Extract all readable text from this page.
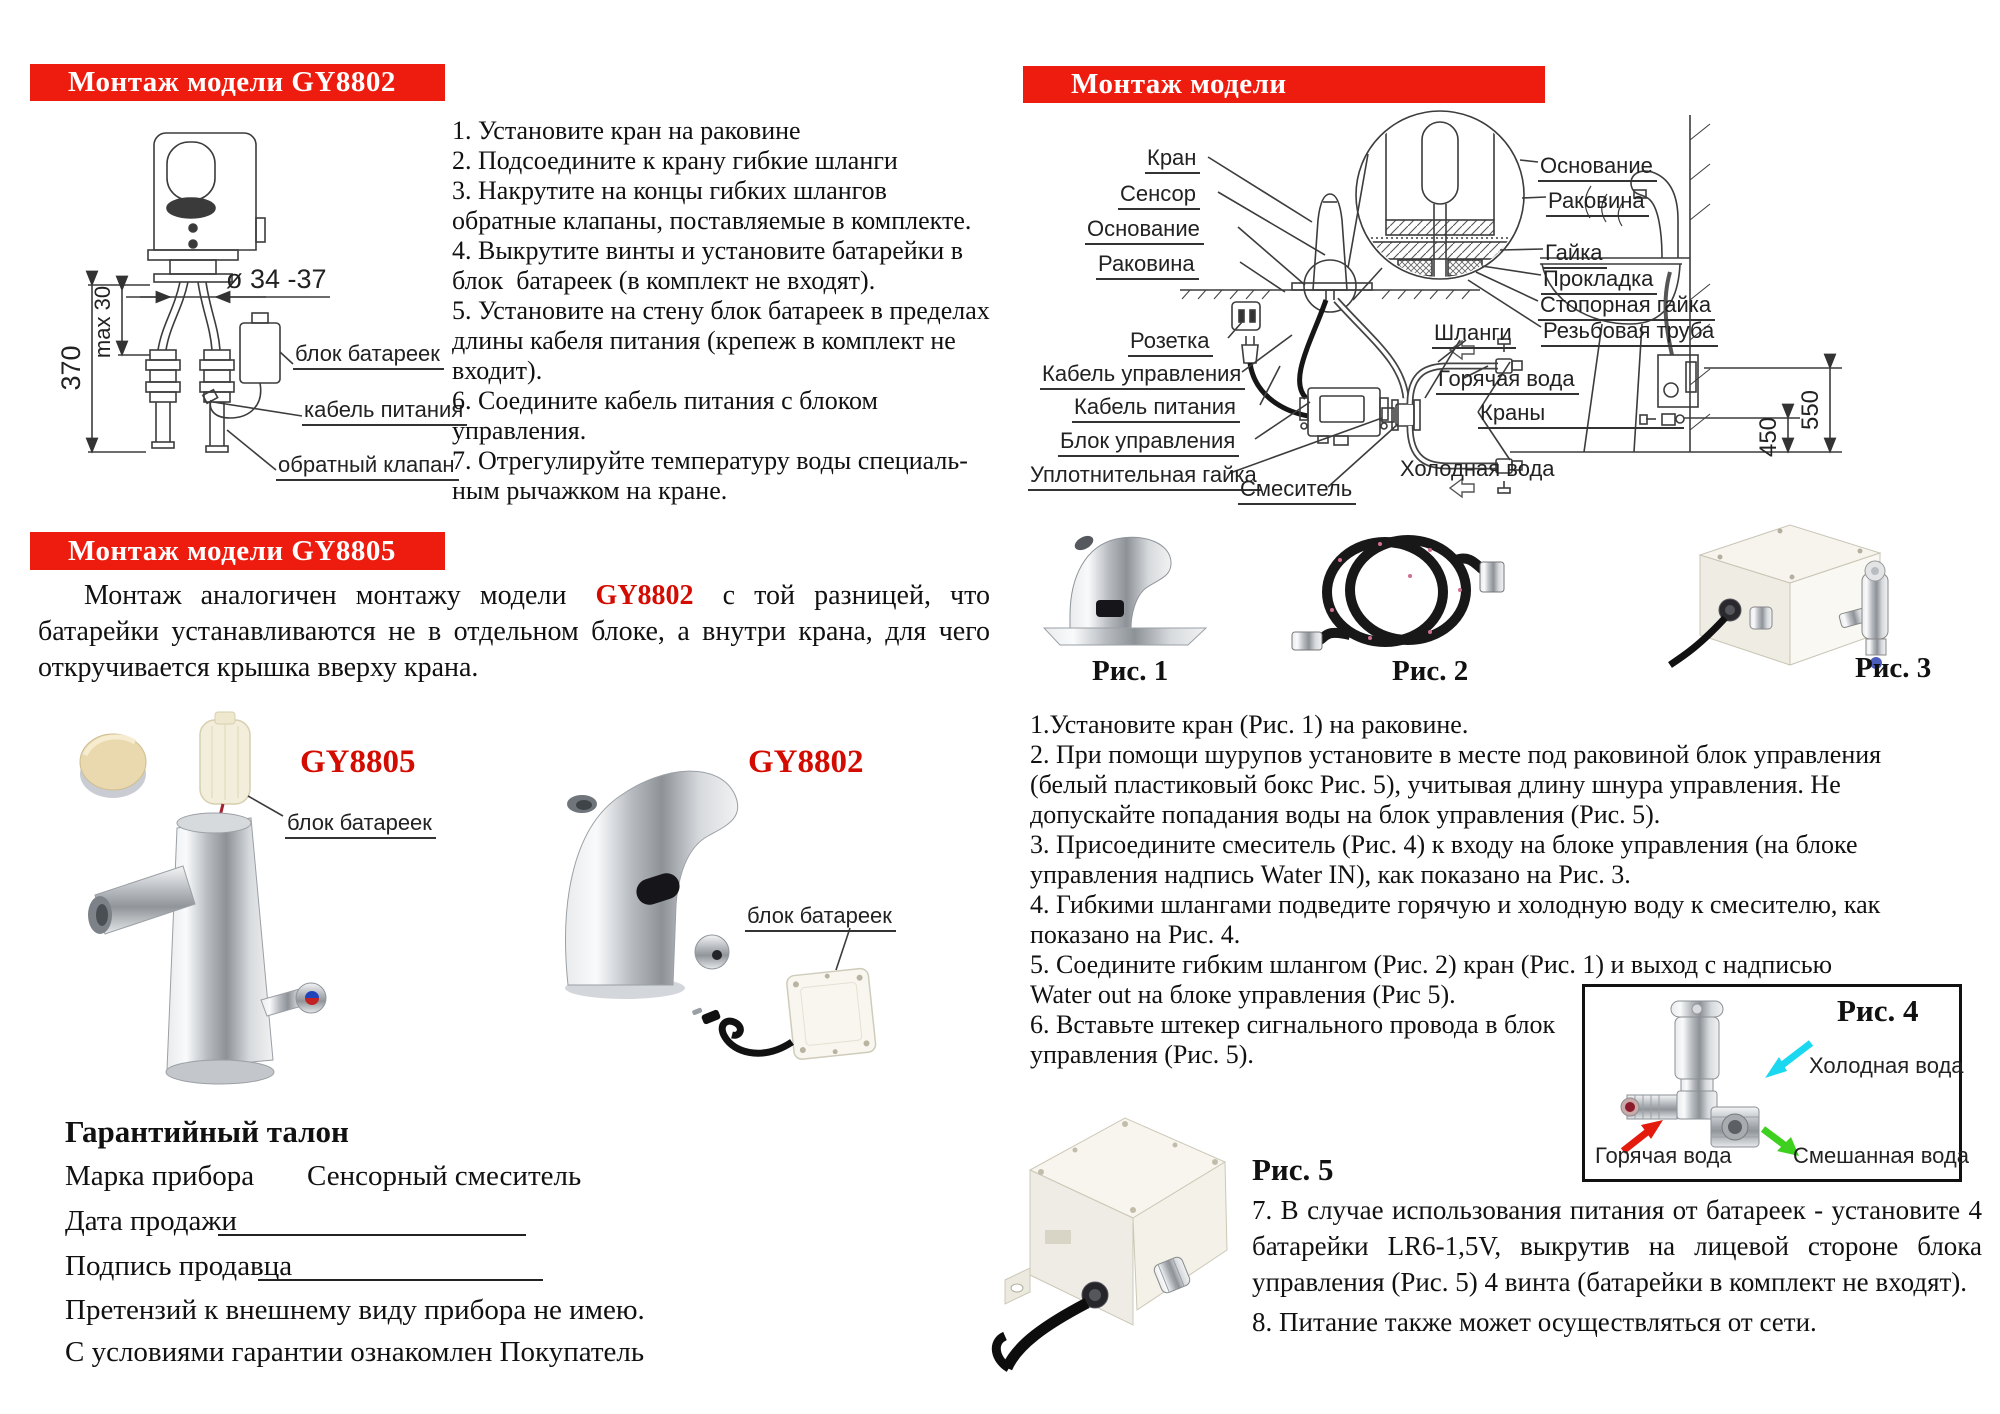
Монтаж модели GY8802
ø 34 -37
370
max 30	блок батареек
кабель питания
обратный клапан

1. Установите кран на раковине

2. Подсоедините к крану гибкие шланги

3. Накрутите на концы гибких шлангов
обратные клапаны, поставляемые в комплекте.

4. Выкрутите винты и установите батарейки в
блок  батареек (в комплект не входят).

5. Установите на стену блок батареек в пределах
длины кабеля питания (крепеж в комплект не
входит).

6. Соедините кабель питания с блоком
управления.

7. Отрегулируйте температуру воды специаль-
ным рычажком на кране.

Монтаж модели GY8805
Монтаж аналогичен монтажу модели GY8802 с той разницей, что батарейки устанавливаются не в отдельном блоке, а внутри крана, для чего откручивается крышка вверху крана.
GY8805
блок батареек
GY8802
блок батареек
Гарантийный талон
Марка прибора Сенсорный смеситель
Дата продажи
Подпись продавца
Претензий к внешнему виду прибора не имею.
С условиями гарантии ознакомлен Покупатель
Монтаж модели
550
450
Кран
Сенсор
Основание
Раковина
Розетка
Кабель управления
Кабель питания
Блок управления
Уплотнительная гайка
Смеситель
Основание
Раковина
Гайка
Прокладка
Стопорная гайка
Резьбовая труба
Шланги
Горячая вода
Краны
Холодная вода
Рис. 1	Рис. 2	Рис. 3

1.Установите кран (Рис. 1) на раковине.

2. При помощи шурупов установите в месте под раковиной блок управления
(белый пластиковый бокс Рис. 5), учитывая длину шнура управления. Не
допускайте попадания воды на блок управления (Рис. 5).

3. Присоедините смеситель (Рис. 4) к входу на блоке управления (на блоке
управления надпись Water IN), как показано на Рис. 3.

4. Гибкими шлангами подведите горячую и холодную воду к смесителю, как
показано на Рис. 4.

5. Соедините гибким шлангом (Рис. 2) кран (Рис. 1) и выход с надписью
Water out на блоке управления (Рис 5).

6. Вставьте штекер сигнального провода в блок
управления (Рис. 5).

Рис. 4
Холодная вода
Горячая вода	Смешанная вода
Рис. 5

7. В случае использования питания от батареек - установите 4 батарейки LR6-1,5V, выкрутив на лицевой стороне блока управления (Рис. 5) 4 винта (батарейки в комплект не входят).

8. Питание также может осуществляться от сети.
